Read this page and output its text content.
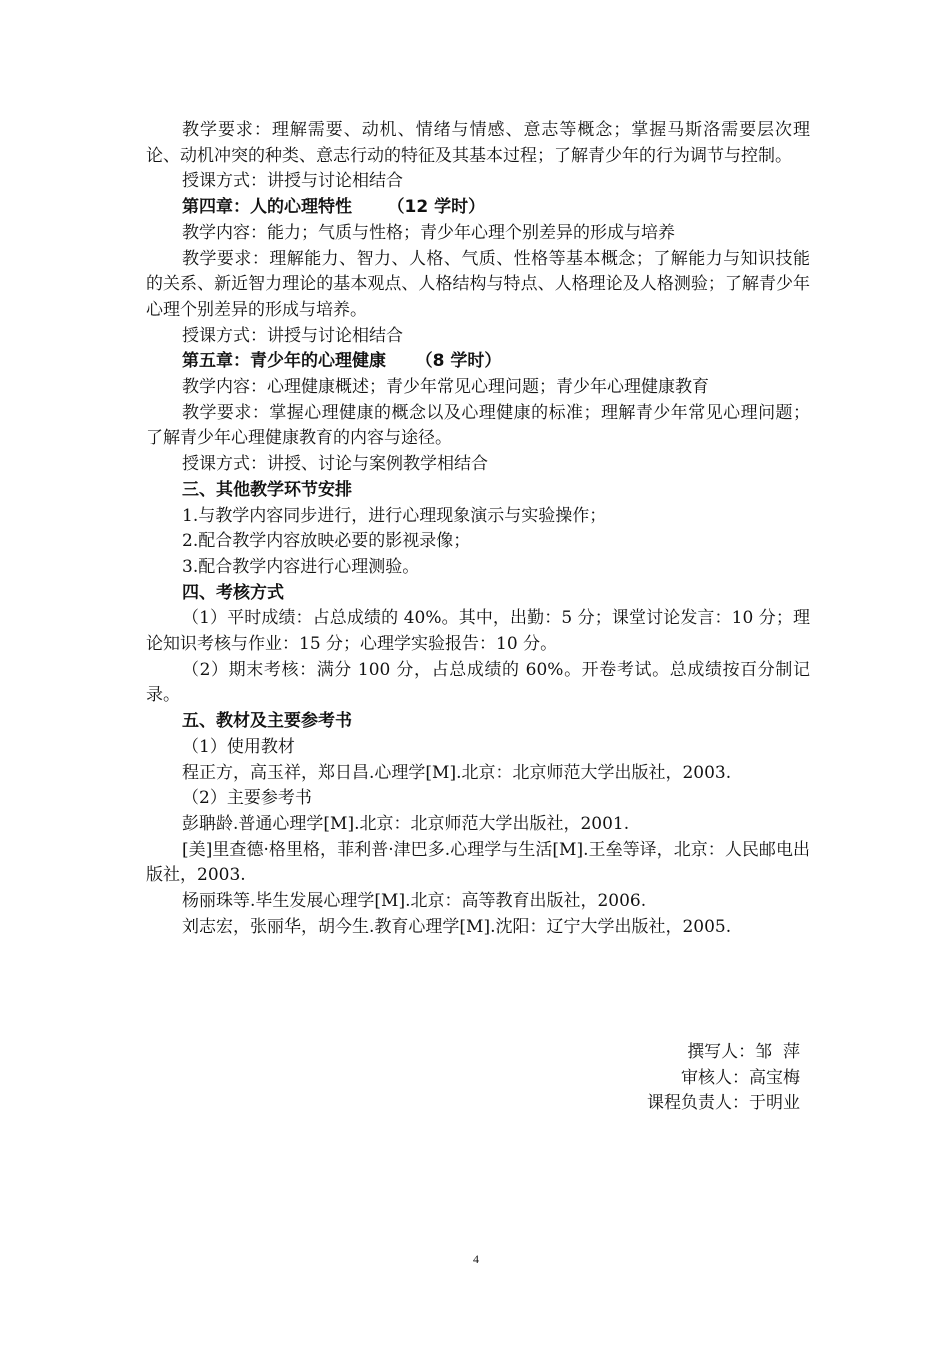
教学要求：理解需要、动机、情绪与情感、意志等概念；掌握马斯洛需要层次理论、动机冲突的种类、意志行动的特征及其基本过程；了解青少年的行为调节与控制。

授课方式：讲授与讨论相结合

第四章：人的心理特性      （12 学时）

教学内容：能力；气质与性格；青少年心理个别差异的形成与培养

教学要求：理解能力、智力、人格、气质、性格等基本概念；了解能力与知识技能的关系、新近智力理论的基本观点、人格结构与特点、人格理论及人格测验；了解青少年心理个别差异的形成与培养。

授课方式：讲授与讨论相结合

第五章：青少年的心理健康     （8 学时）

教学内容：心理健康概述；青少年常见心理问题；青少年心理健康教育

教学要求：掌握心理健康的概念以及心理健康的标准；理解青少年常见心理问题；了解青少年心理健康教育的内容与途径。

授课方式：讲授、讨论与案例教学相结合

三、其他教学环节安排

1.与教学内容同步进行，进行心理现象演示与实验操作；

2.配合教学内容放映必要的影视录像；

3.配合教学内容进行心理测验。

四、考核方式

（1）平时成绩：占总成绩的 40%。其中，出勤：5 分；课堂讨论发言：10 分；理论知识考核与作业：15 分；心理学实验报告：10 分。

（2）期末考核：满分 100 分，占总成绩的 60%。开卷考试。总成绩按百分制记录。

五、教材及主要参考书

（1）使用教材

程正方，高玉祥，郑日昌.心理学[M].北京：北京师范大学出版社，2003.

（2）主要参考书

彭聃龄.普通心理学[M].北京：北京师范大学出版社，2001.

[美]里查德·格里格，菲利普·津巴多.心理学与生活[M].王垒等译，北京：人民邮电出版社，2003.

杨丽珠等.毕生发展心理学[M].北京：高等教育出版社，2006.

刘志宏，张丽华，胡今生.教育心理学[M].沈阳：辽宁大学出版社，2005.

撰写人：邹  萍
审核人：高宝梅
课程负责人：于明业
4
